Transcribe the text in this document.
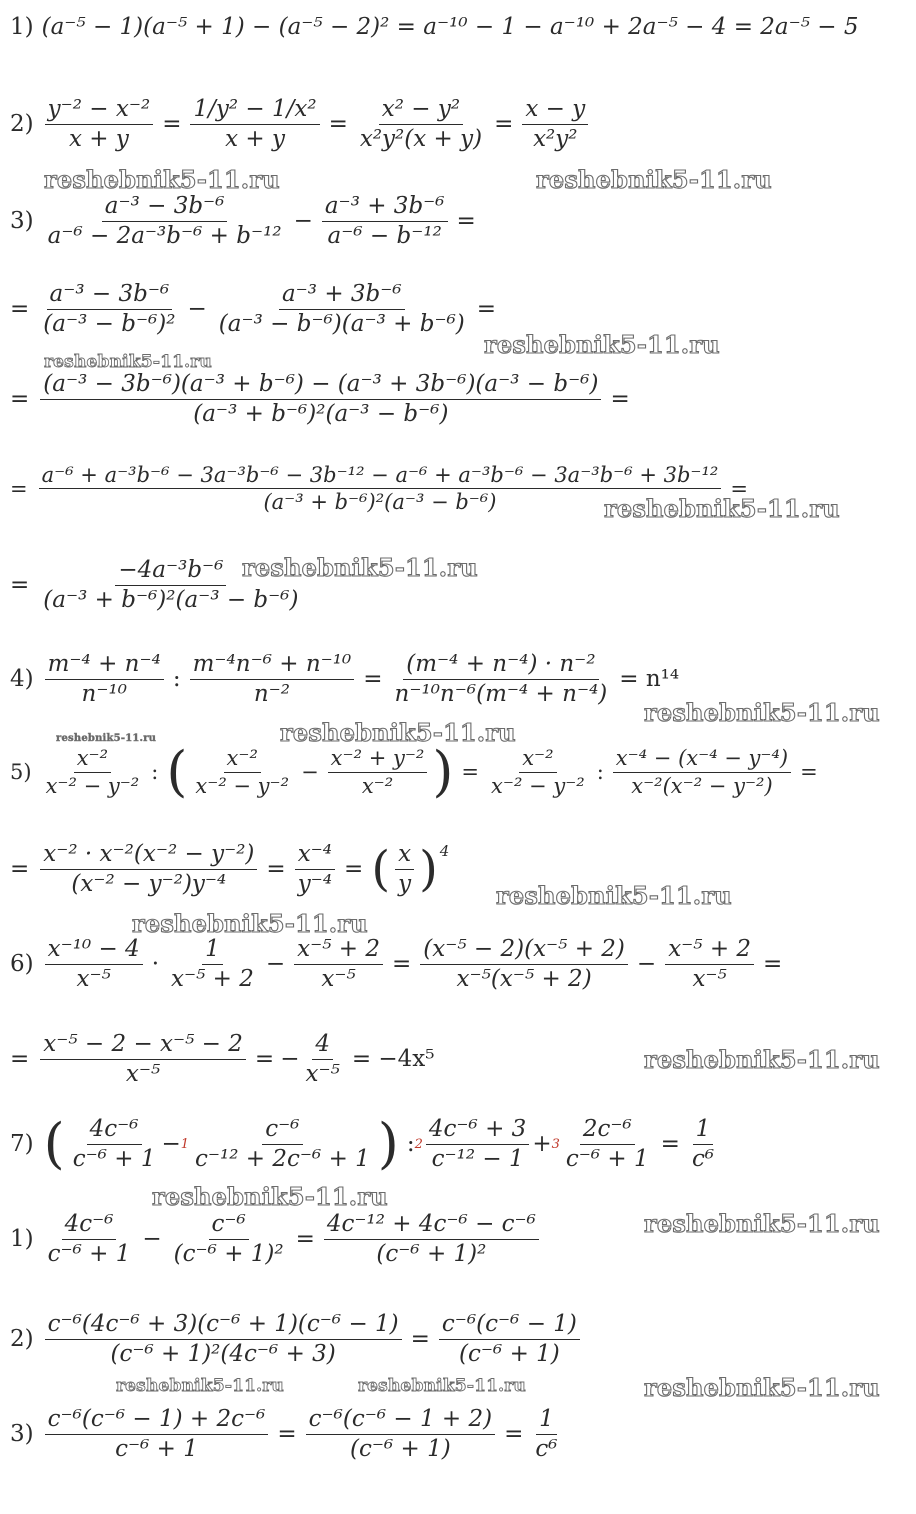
1) (a⁻⁵ − 1)(a⁻⁵ + 1) − (a⁻⁵ − 2)² = a⁻¹⁰ − 1 − a⁻¹⁰ + 2a⁻⁵ − 4 = 2a⁻⁵ − 5
$2) \frac{\text{y⁻² − x⁻²}}{x + y} = \frac{\text{1/y² − 1/x²}}{x + y} = \frac{\text{x² − y²}}{\text{x²y²(x + y)}} = \frac{x - y}{\text{x²y²}}$
$3) \frac{\text{a⁻³ − 3b⁻⁶}}{\text{a⁻⁶ − 2a⁻³b⁻⁶ + b⁻¹²}} - \frac{\text{a⁻³ + 3b⁻⁶}}{\text{a⁻⁶ − b⁻¹²}}$ =
= $\frac{\text{a⁻³ − 3b⁻⁶}}{\text{(a⁻³ − b⁻⁶)²}} - \frac{\text{a⁻³ + 3b⁻⁶}}{\text{(a⁻³ − b⁻⁶)(a⁻³ + b⁻⁶)}}$ =
= $\frac{\text{(a⁻³ − 3b⁻⁶)(a⁻³ + b⁻⁶) − (a⁻³ + 3b⁻⁶)(a⁻³ − b⁻⁶)}}{\text{(a⁻³ + b⁻⁶)²(a⁻³ − b⁻⁶)}}$ =
=
a⁻⁶ + a⁻³b⁻⁶ − 3a⁻³b⁻⁶ − 3b⁻¹² − a⁻⁶ + a⁻³b⁻⁶ − 3a⁻³b⁻⁶ + 3b⁻¹²
(a⁻³ + b⁻⁶)²(a⁻³ − b⁻⁶)
=
= $\frac{\text{−4a⁻³b⁻⁶}}{\text{(a⁻³ + b⁻⁶)²(a⁻³ − b⁻⁶)}}$
$4) \frac{\text{m⁻⁴ + n⁻⁴}}{\text{n⁻¹⁰}}$ : $\frac{\text{m⁻⁴n⁻⁶ + n⁻¹⁰}}{\text{n⁻²}} = \frac{\text{(m⁻⁴ + n⁻⁴) · n⁻²}}{\text{n⁻¹⁰n⁻⁶(m⁻⁴ + n⁻⁴)}} = n^{14}$
$5) \frac{\text{x⁻²}}{\text{x⁻² − y⁻²}}$ : ( $\frac{\text{x⁻²}}{\text{x⁻² − y⁻²}} - \frac{\text{x⁻² + y⁻²}}{\text{x⁻²}}$ ) = $\frac{\text{x⁻²}}{\text{x⁻² − y⁻²}}$ : $\frac{\text{x⁻⁴ − (x⁻⁴ − y⁻⁴)}}{\text{x⁻²(x⁻² − y⁻²)}}$ =
= $\frac{\text{x⁻² · x⁻²(x⁻² − y⁻²)}}{\text{(x⁻² − y⁻²)y⁻⁴}} = \frac{\text{x⁻⁴}}{\text{y⁻⁴}}$ = ( $\frac{x}{y}$ ) 4
$6) \frac{\text{x⁻¹⁰ − 4}}{\text{x⁻⁵}} \cdot \frac{1}{\text{x⁻⁵ + 2}} - \frac{\text{x⁻⁵ + 2}}{\text{x⁻⁵}} = \frac{\text{(x⁻⁵ − 2)(x⁻⁵ + 2)}}{\text{x⁻⁵(x⁻⁵ + 2)}} - \frac{\text{x⁻⁵ + 2}}{\text{x⁻⁵}}$ =
= $\frac{\text{x⁻⁵ − 2 − x⁻⁵ − 2}}{\text{x⁻⁵}}$ = − $\frac{4}{\text{x⁻⁵}} = -4x^5$
7) ( $\frac{\text{4c⁻⁶}}{\text{c⁻⁶ + 1}} - 1 \frac{\text{c⁻⁶}}{\text{c⁻¹² + 2c⁻⁶ + 1}}$ ) : $2 \frac{\text{4c⁻⁶ + 3}}{\text{c⁻¹² − 1}} + 3 \frac{\text{2c⁻⁶}}{\text{c⁻⁶ + 1}} = \frac{1}{\text{c⁶}}$
$1) \frac{\text{4c⁻⁶}}{\text{c⁻⁶ + 1}} - \frac{\text{c⁻⁶}}{\text{(c⁻⁶ + 1)²}} = \frac{\text{4c⁻¹² + 4c⁻⁶ − c⁻⁶}}{\text{(c⁻⁶ + 1)²}}$
$2) \frac{\text{c⁻⁶(4c⁻⁶ + 3)(c⁻⁶ + 1)(c⁻⁶ − 1)}}{\text{(c⁻⁶ + 1)²(4c⁻⁶ + 3)}} = \frac{\text{c⁻⁶(c⁻⁶ − 1)}}{\text{(c⁻⁶ + 1)}}$
$3) \frac{\text{c⁻⁶(c⁻⁶ − 1) + 2c⁻⁶}}{\text{c⁻⁶ + 1}} = \frac{\text{c⁻⁶(c⁻⁶ − 1 + 2)}}{\text{(c⁻⁶ + 1)}} = \frac{1}{\text{c⁶}}$
reshebnik5-11.ru	reshebnik5-11.ru
reshebnik5-11.ru
reshebnik5-11.ru
reshebnik5-11.ru
reshebnik5-11.ru
reshebnik5-11.ru
reshebnik5-11.ru
reshebnik5-11.ru
reshebnik5-11.ru
reshebnik5-11.ru
reshebnik5-11.ru
reshebnik5-11.ru
reshebnik5-11.ru
reshebnik5-11.ru	reshebnik5-11.ru	reshebnik5-11.ru
